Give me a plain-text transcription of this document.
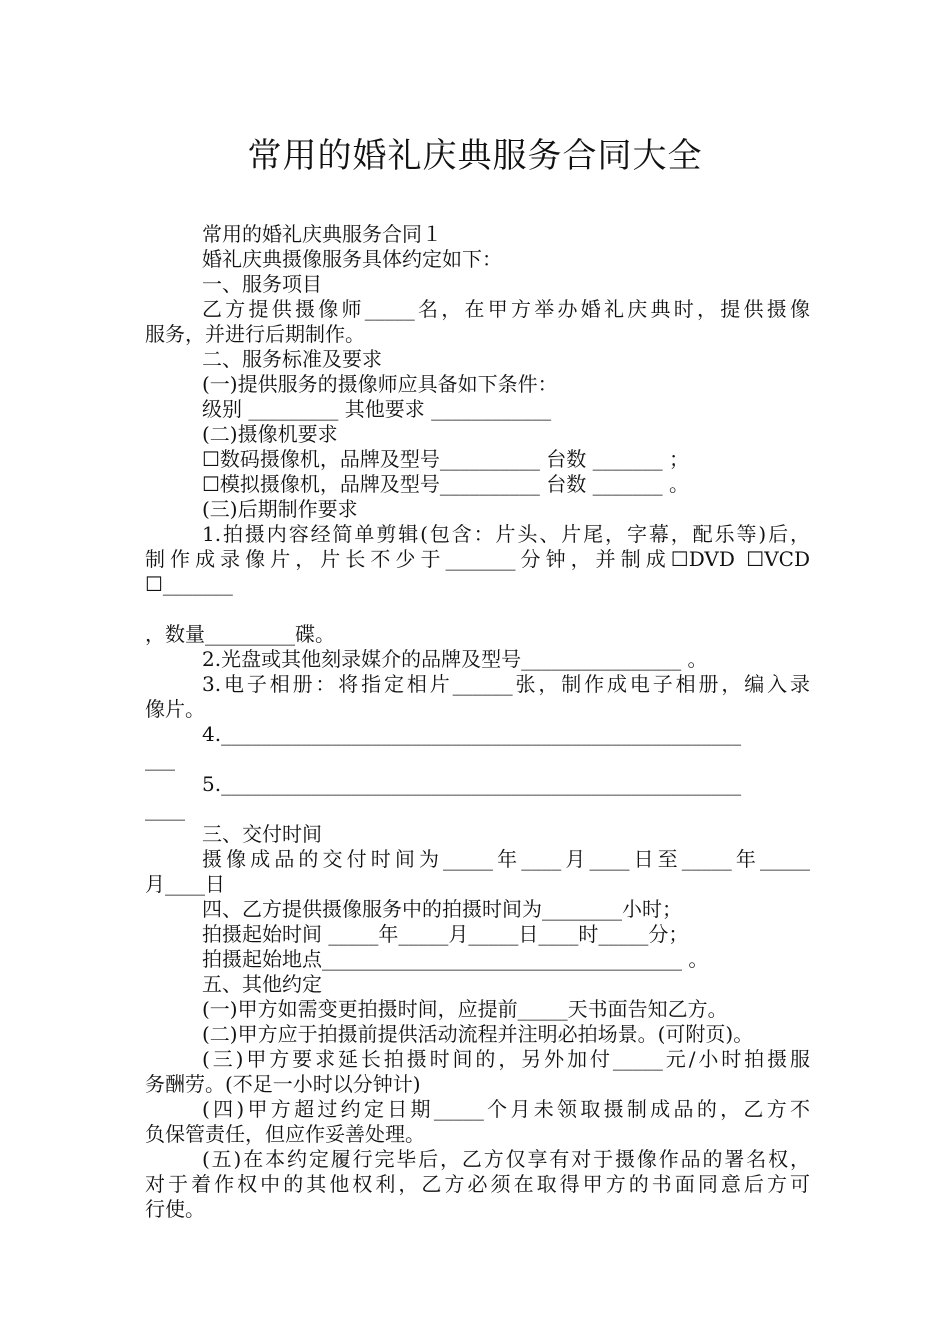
常用的婚礼庆典服务合同大全
常用的婚礼庆典服务合同１
婚礼庆典摄像服务具体约定如下：
一、服务项目
乙方提供摄像师_____名，在甲方举办婚礼庆典时，提供摄像
服务，并进行后期制作。
二、服务标准及要求
(一)提供服务的摄像师应具备如下条件：
级别 _________ 其他要求 ____________
(二)摄像机要求
☐数码摄像机，品牌及型号__________ 台数 _______ ；
☐模拟摄像机，品牌及型号__________ 台数 _______ 。
(三)后期制作要求
1.拍摄内容经简单剪辑(包含：片头、片尾，字幕，配乐等)后，
制作成录像片，片长不少于_______分钟，并制成☐DVD ☐VCD
☐_______
，数量_________碟。
2.光盘或其他刻录媒介的品牌及型号________________ 。
3.电子相册：将指定相片______张，制作成电子相册，编入录
像片。
4.____________________________________________________
___
5.____________________________________________________
____
三、交付时间
摄像成品的交付时间为_____年____月____日至_____年_____
月____日
四、乙方提供摄像服务中的拍摄时间为________小时；
拍摄起始时间 _____年_____月_____日____时_____分；
拍摄起始地点____________________________________ 。
五、其他约定
(一)甲方如需变更拍摄时间，应提前_____天书面告知乙方。
(二)甲方应于拍摄前提供活动流程并注明必拍场景。(可附页)。
(三)甲方要求延长拍摄时间的，另外加付_____元/小时拍摄服
务酬劳。(不足一小时以分钟计)
(四)甲方超过约定日期_____个月未领取摄制成品的，乙方不
负保管责任，但应作妥善处理。
(五)在本约定履行完毕后，乙方仅享有对于摄像作品的署名权，
对于着作权中的其他权利，乙方必须在取得甲方的书面同意后方可
行使。
